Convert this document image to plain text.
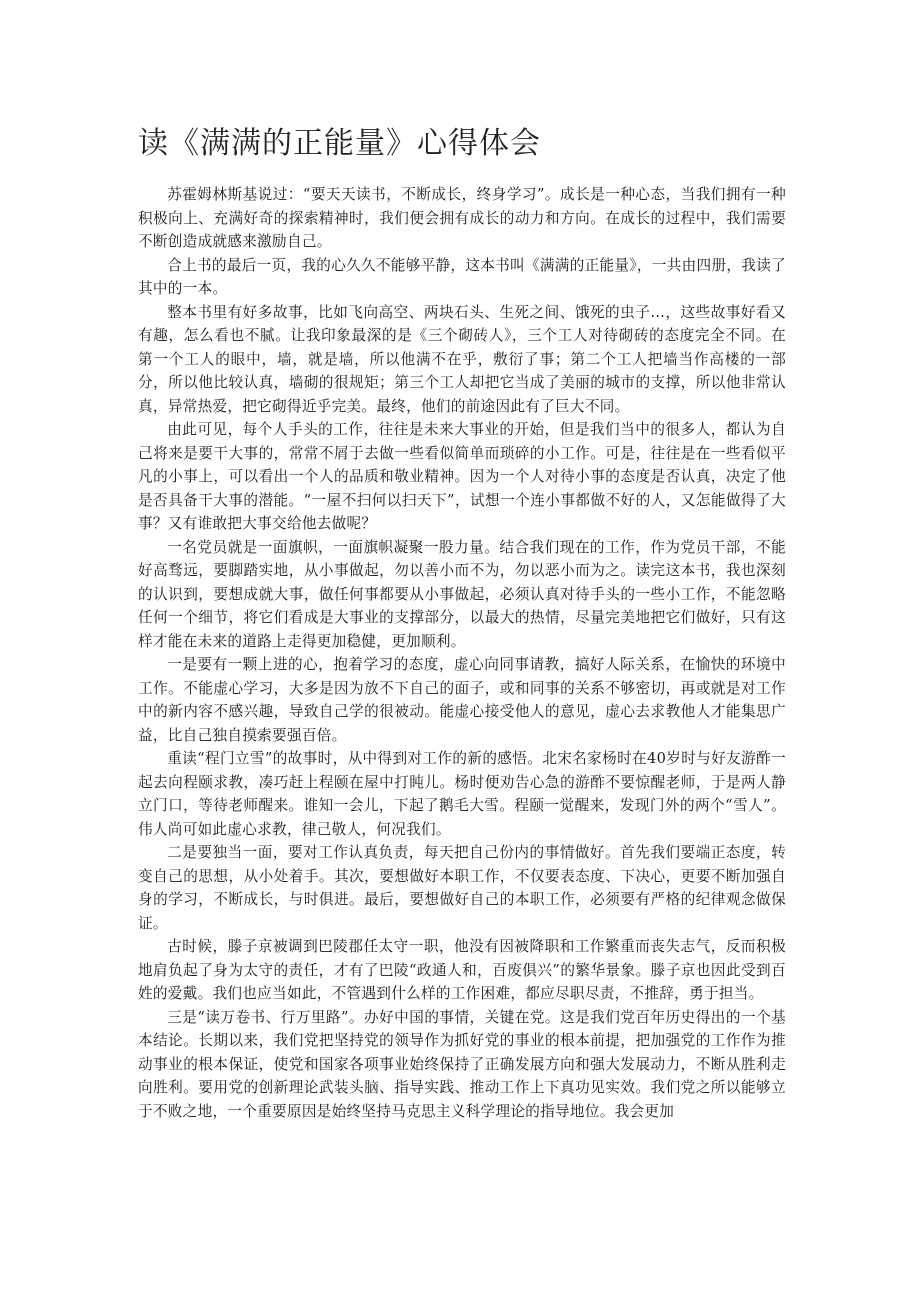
读《满满的正能量》心得体会

苏霍姆林斯基说过：“要天天读书，不断成长，终身学习”。成长是一种心态，当我们拥有一种积极向上、充满好奇的探索精神时，我们便会拥有成长的动力和方向。在成长的过程中，我们需要不断创造成就感来激励自己。

合上书的最后一页，我的心久久不能够平静，这本书叫《满满的正能量》，一共由四册，我读了其中的一本。

整本书里有好多故事，比如飞向高空、两块石头、生死之间、饿死的虫子…，这些故事好看又有趣，怎么看也不腻。让我印象最深的是《三个砌砖人》，三个工人对待砌砖的态度完全不同。在第一个工人的眼中，墙，就是墙，所以他满不在乎，敷衍了事；第二个工人把墙当作高楼的一部分，所以他比较认真，墙砌的很规矩；第三个工人却把它当成了美丽的城市的支撑，所以他非常认真，异常热爱，把它砌得近乎完美。最终，他们的前途因此有了巨大不同。

由此可见，每个人手头的工作，往往是未来大事业的开始，但是我们当中的很多人，都认为自己将来是要干大事的，常常不屑于去做一些看似简单而琐碎的小工作。可是，往往是在一些看似平凡的小事上，可以看出一个人的品质和敬业精神。因为一个人对待小事的态度是否认真，决定了他是否具备干大事的潜能。“一屋不扫何以扫天下”，试想一个连小事都做不好的人，又怎能做得了大事？又有谁敢把大事交给他去做呢？

一名党员就是一面旗帜，一面旗帜凝聚一股力量。结合我们现在的工作，作为党员干部，不能好高骛远，要脚踏实地，从小事做起，勿以善小而不为，勿以恶小而为之。读完这本书，我也深刻的认识到，要想成就大事，做任何事都要从小事做起，必须认真对待手头的一些小工作，不能忽略任何一个细节，将它们看成是大事业的支撑部分，以最大的热情，尽量完美地把它们做好，只有这样才能在未来的道路上走得更加稳健，更加顺利。

一是要有一颗上进的心，抱着学习的态度，虚心向同事请教，搞好人际关系，在愉快的环境中工作。不能虚心学习，大多是因为放不下自己的面子，或和同事的关系不够密切，再或就是对工作中的新内容不感兴趣，导致自己学的很被动。能虚心接受他人的意见，虚心去求教他人才能集思广益，比自己独自摸索要强百倍。

重读“程门立雪”的故事时，从中得到对工作的新的感悟。北宋名家杨时在40岁时与好友游酢一起去向程颐求教，凑巧赶上程颐在屋中打盹儿。杨时便劝告心急的游酢不要惊醒老师，于是两人静立门口，等待老师醒来。谁知一会儿，下起了鹅毛大雪。程颐一觉醒来，发现门外的两个“雪人”。伟人尚可如此虚心求教，律己敬人，何况我们。

二是要独当一面，要对工作认真负责，每天把自己份内的事情做好。首先我们要端正态度，转变自己的思想，从小处着手。其次，要想做好本职工作，不仅要表态度、下决心，更要不断加强自身的学习，不断成长，与时俱进。最后，要想做好自己的本职工作，必须要有严格的纪律观念做保证。

古时候，滕子京被调到巴陵郡任太守一职，他没有因被降职和工作繁重而丧失志气，反而积极地肩负起了身为太守的责任，才有了巴陵“政通人和，百废俱兴”的繁华景象。滕子京也因此受到百姓的爱戴。我们也应当如此，不管遇到什么样的工作困难，都应尽职尽责，不推辞，勇于担当。

三是“读万卷书、行万里路”。办好中国的事情，关键在党。这是我们党百年历史得出的一个基本结论。长期以来，我们党把坚持党的领导作为抓好党的事业的根本前提，把加强党的工作作为推动事业的根本保证，使党和国家各项事业始终保持了正确发展方向和强大发展动力，不断从胜利走向胜利。要用党的创新理论武装头脑、指导实践、推动工作上下真功见实效。我们党之所以能够立于不败之地，一个重要原因是始终坚持马克思主义科学理论的指导地位。我会更加
